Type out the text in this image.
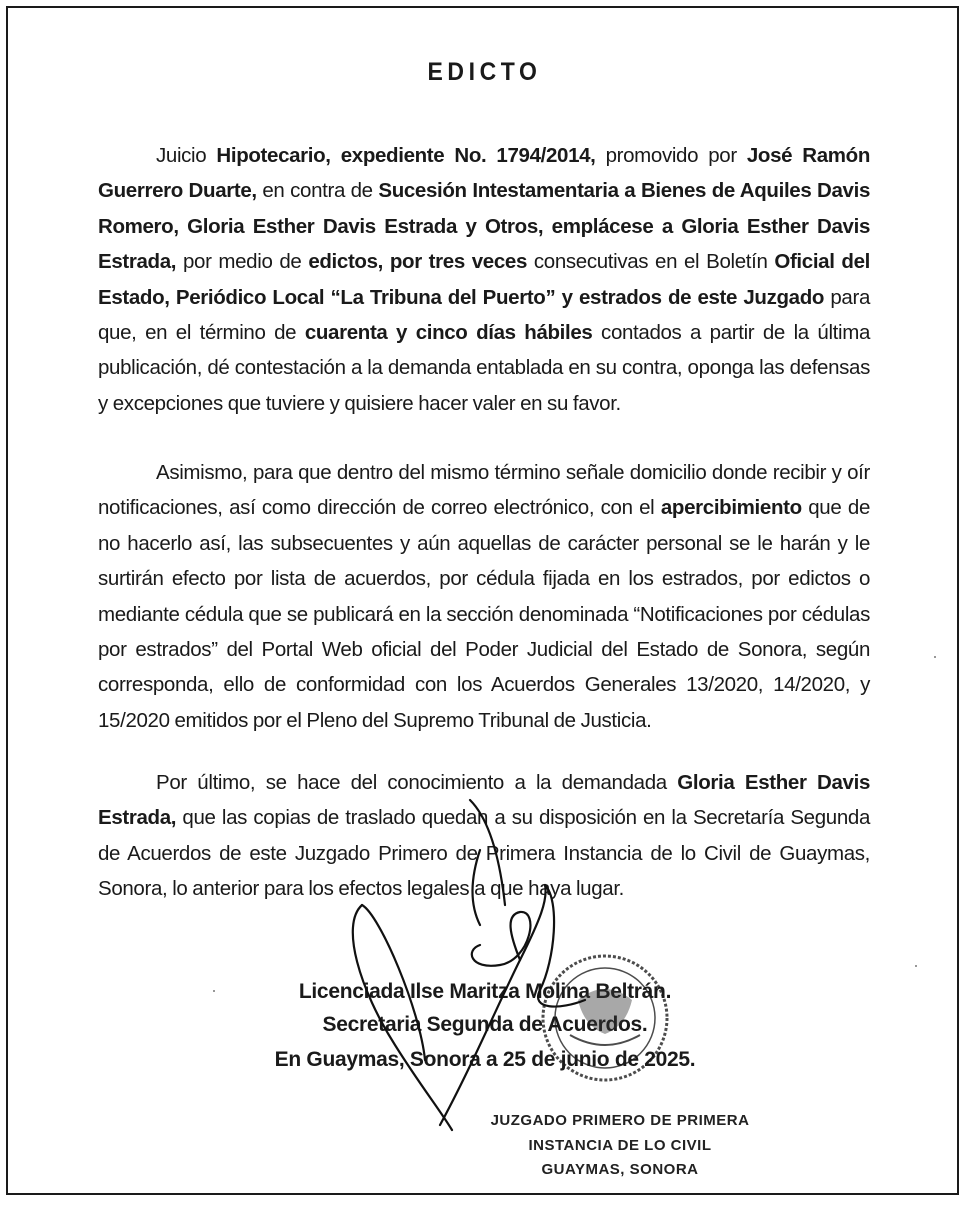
EDICTO

Juicio Hipotecario, expediente No. 1794/2014, promovido por José Ramón Guerrero Duarte, en contra de Sucesión Intestamentaria a Bienes de Aquiles Davis Romero, Gloria Esther Davis Estrada y Otros, emplácese a Gloria Esther Davis Estrada, por medio de edictos, por tres veces consecutivas en el Boletín Oficial del Estado, Periódico Local “La Tribuna del Puerto” y estrados de este Juzgado para que, en el término de cuarenta y cinco días hábiles contados a partir de la última publicación, dé contestación a la demanda entablada en su contra, oponga las defensas y excepciones que tuviere y quisiere hacer valer en su favor.

Asimismo, para que dentro del mismo término señale domicilio donde recibir y oír notificaciones, así como dirección de correo electrónico, con el apercibimiento que de no hacerlo así, las subsecuentes y aún aquellas de carácter personal se le harán y le surtirán efecto por lista de acuerdos, por cédula fijada en los estrados, por edictos o mediante cédula que se publicará en la sección denominada “Notificaciones por cédulas por estrados” del Portal Web oficial del Poder Judicial del Estado de Sonora, según corresponda, ello de conformidad con los Acuerdos Generales 13/2020, 14/2020, y 15/2020 emitidos por el Pleno del Supremo Tribunal de Justicia.

Por último, se hace del conocimiento a la demandada Gloria Esther Davis Estrada, que las copias de traslado quedan a su disposición en la Secretaría Segunda de Acuerdos de este Juzgado Primero de Primera Instancia de lo Civil de Guaymas, Sonora, lo anterior para los efectos legales a que haya lugar.

Licenciada Ilse Maritza Molina Beltrán.
Secretaria Segunda de Acuerdos.
En Guaymas, Sonora a 25 de junio de 2025.
JUZGADO PRIMERO DE PRIMERA
INSTANCIA DE LO CIVIL
GUAYMAS, SONORA
